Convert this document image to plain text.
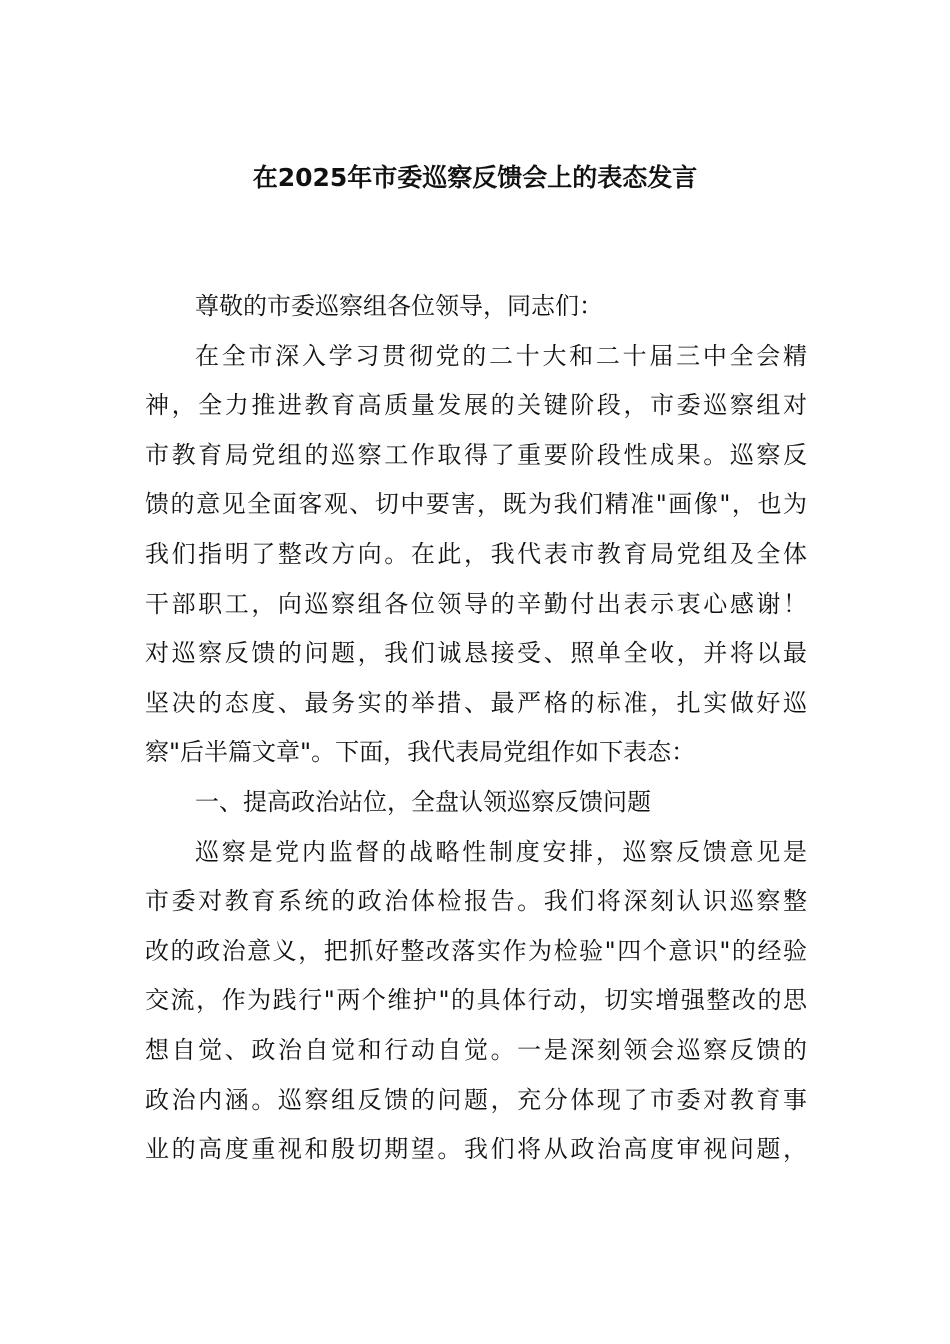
在2025年市委巡察反馈会上的表态发言
尊敬的市委巡察组各位领导，同志们：
在全市深入学习贯彻党的二十大和二十届三中全会精
神，全力推进教育高质量发展的关键阶段，市委巡察组对
市教育局党组的巡察工作取得了重要阶段性成果。巡察反
馈的意见全面客观、切中要害，既为我们精准"画像"，也为
我们指明了整改方向。在此，我代表市教育局党组及全体
干部职工，向巡察组各位领导的辛勤付出表示衷心感谢！
对巡察反馈的问题，我们诚恳接受、照单全收，并将以最
坚决的态度、最务实的举措、最严格的标准，扎实做好巡
察"后半篇文章"。下面，我代表局党组作如下表态：
一、提高政治站位，全盘认领巡察反馈问题
巡察是党内监督的战略性制度安排，巡察反馈意见是
市委对教育系统的政治体检报告。我们将深刻认识巡察整
改的政治意义，把抓好整改落实作为检验"四个意识"的经验
交流，作为践行"两个维护"的具体行动，切实增强整改的思
想自觉、政治自觉和行动自觉。一是深刻领会巡察反馈的
政治内涵。巡察组反馈的问题，充分体现了市委对教育事
业的高度重视和殷切期望。我们将从政治高度审视问题，
